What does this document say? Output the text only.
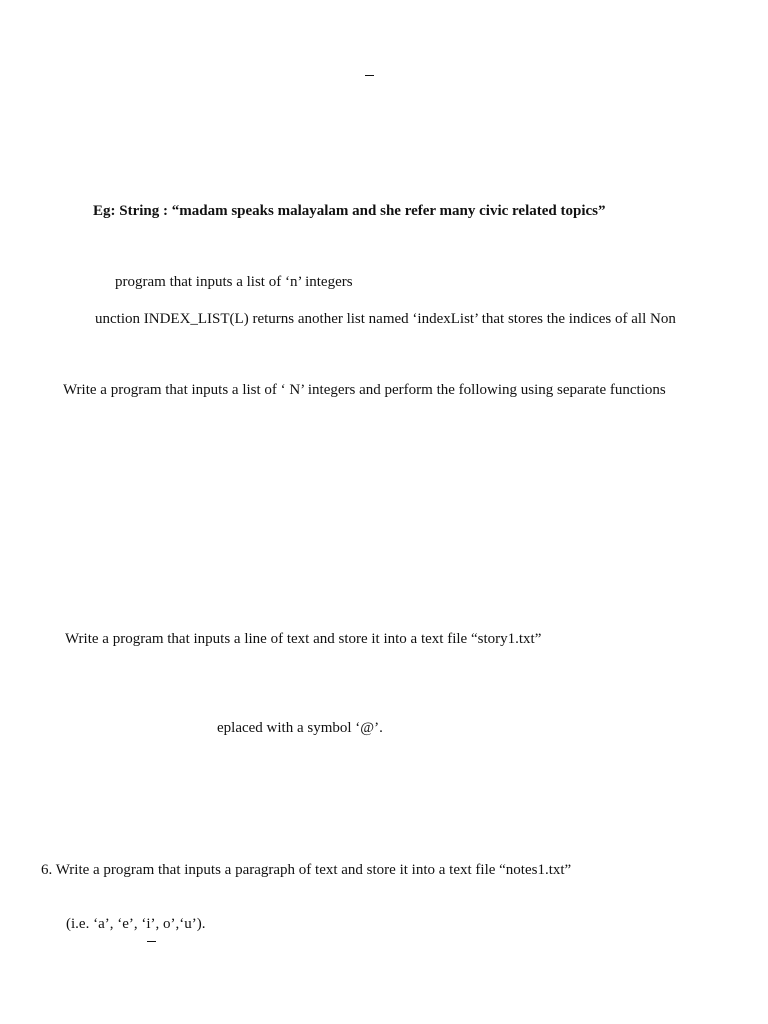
Eg: String : “madam speaks malayalam and she refer many civic related topics”
program that inputs a list of ‘n’ integers
unction INDEX_LIST(L) returns another list named ‘indexList’ that stores the indices of all Non
Write a program that inputs a list of ‘ N’ integers and perform the following using separate functions
Write a program that inputs a line of text and store it into a text file “story1.txt”
eplaced with a symbol ‘@’.
6. Write a program that inputs a paragraph of text and store it into a text file “notes1.txt”
(i.e. ‘a’, ‘e’, ‘i’, o’,‘u’).
